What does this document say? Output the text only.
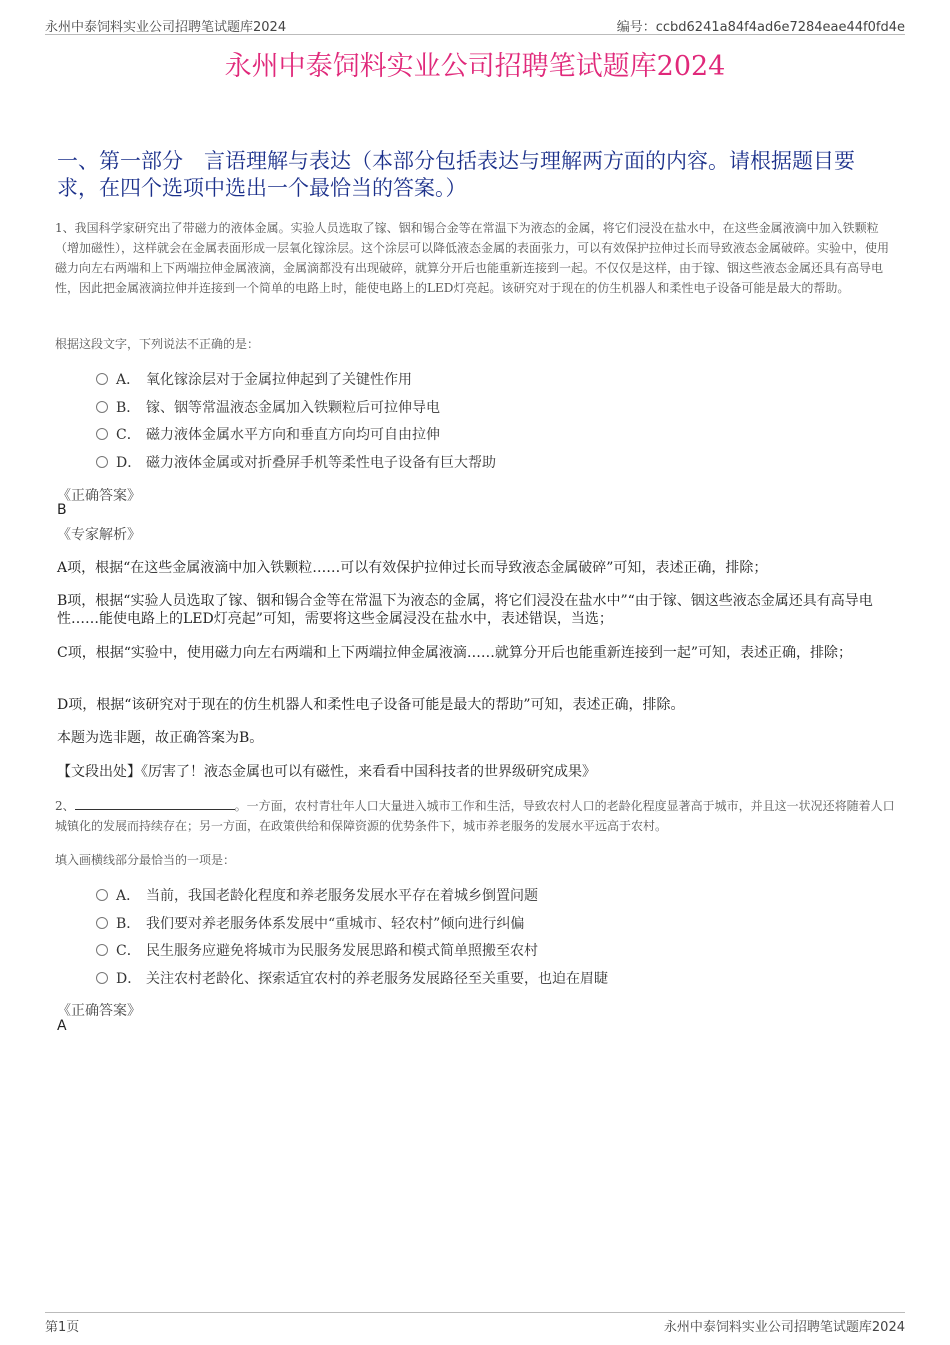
永州中泰饲料实业公司招聘笔试题库2024	编号：ccbd6241a84f4ad6e7284eae44f0fd4e
永州中泰饲料实业公司招聘笔试题库2024
一、第一部分　言语理解与表达（本部分包括表达与理解两方面的内容。请根据题目要求，在四个选项中选出一个最恰当的答案。）
1、我国科学家研究出了带磁力的液体金属。实验人员选取了镓、铟和锡合金等在常温下为液态的金属，将它们浸没在盐水中，在这些金属液滴中加入铁颗粒（增加磁性），这样就会在金属表面形成一层氧化镓涂层。这个涂层可以降低液态金属的表面张力，可以有效保护拉伸过长而导致液态金属破碎。实验中，使用磁力向左右两端和上下两端拉伸金属液滴，金属滴都没有出现破碎，就算分开后也能重新连接到一起。不仅仅是这样，由于镓、铟这些液态金属还具有高导电性，因此把金属液滴拉伸并连接到一个简单的电路上时，能使电路上的LED灯亮起。该研究对于现在的仿生机器人和柔性电子设备可能是最大的帮助。
根据这段文字，下列说法不正确的是：
A． 氧化镓涂层对于金属拉伸起到了关键性作用
B． 镓、铟等常温液态金属加入铁颗粒后可拉伸导电
C． 磁力液体金属水平方向和垂直方向均可自由拉伸
D． 磁力液体金属或对折叠屏手机等柔性电子设备有巨大帮助
《正确答案》
B
《专家解析》
A项，根据“在这些金属液滴中加入铁颗粒……可以有效保护拉伸过长而导致液态金属破碎”可知，表述正确，排除；
B项，根据“实验人员选取了镓、铟和锡合金等在常温下为液态的金属，将它们浸没在盐水中”“由于镓、铟这些液态金属还具有高导电性……能使电路上的LED灯亮起”可知，需要将这些金属浸没在盐水中，表述错误，当选；
C项，根据“实验中，使用磁力向左右两端和上下两端拉伸金属液滴……就算分开后也能重新连接到一起”可知，表述正确，排除；
D项，根据“该研究对于现在的仿生机器人和柔性电子设备可能是最大的帮助”可知，表述正确，排除。
本题为选非题，故正确答案为B。
【文段出处】《厉害了！液态金属也可以有磁性，来看看中国科技者的世界级研究成果》
2、	。一方面，农村青壮年人口大量进入城市工作和生活，导致农村人口的老龄化程度显著高于城市，并且这一状况还将随着人口城镇化的发展而持续存在；另一方面，在政策供给和保障资源的优势条件下，城市养老服务的发展水平远高于农村。
填入画横线部分最恰当的一项是：
A． 当前，我国老龄化程度和养老服务发展水平存在着城乡倒置问题
B． 我们要对养老服务体系发展中“重城市、轻农村”倾向进行纠偏
C． 民生服务应避免将城市为民服务发展思路和模式简单照搬至农村
D． 关注农村老龄化、探索适宜农村的养老服务发展路径至关重要，也迫在眉睫
《正确答案》
A
第1页	永州中泰饲料实业公司招聘笔试题库2024
